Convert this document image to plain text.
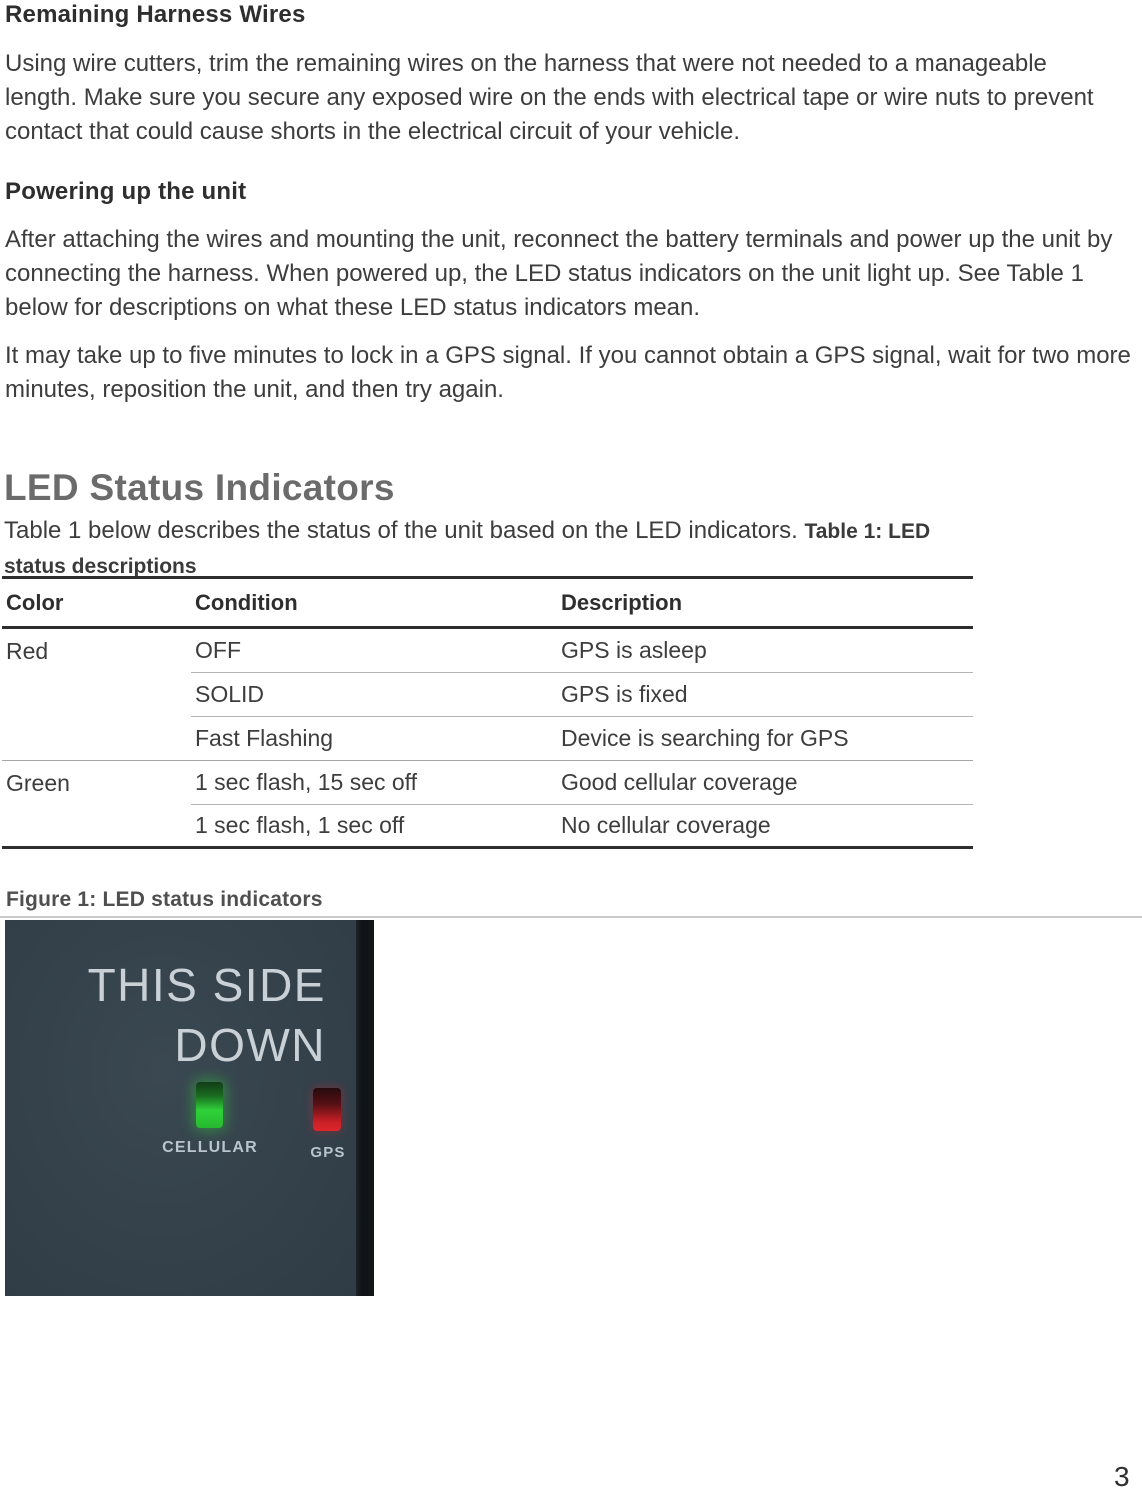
Remaining Harness Wires
Using wire cutters, trim the remaining wires on the harness that were not needed to a manageable length. Make sure you secure any exposed wire on the ends with electrical tape or wire nuts to prevent contact that could cause shorts in the electrical circuit of your vehicle.
Powering up the unit
After attaching the wires and mounting the unit, reconnect the battery terminals and power up the unit by connecting the harness. When powered up, the LED status indicators on the unit light up. See Table 1 below for descriptions on what these LED status indicators mean.
It may take up to five minutes to lock in a GPS signal. If you cannot obtain a GPS signal, wait for two more minutes, reposition the unit, and then try again.
LED Status Indicators
Table 1 below describes the status of the unit based on the LED indicators. Table 1: LED status descriptions
Color	Condition	Description
Red	OFF	GPS is asleep
SOLID	GPS is fixed
Fast Flashing	Device is searching for GPS
Green	1 sec flash, 15 sec off	Good cellular coverage
1 sec flash, 1 sec off	No cellular coverage
Figure 1: LED status indicators
THIS SIDE
DOWN
CELLULAR	GPS
3
